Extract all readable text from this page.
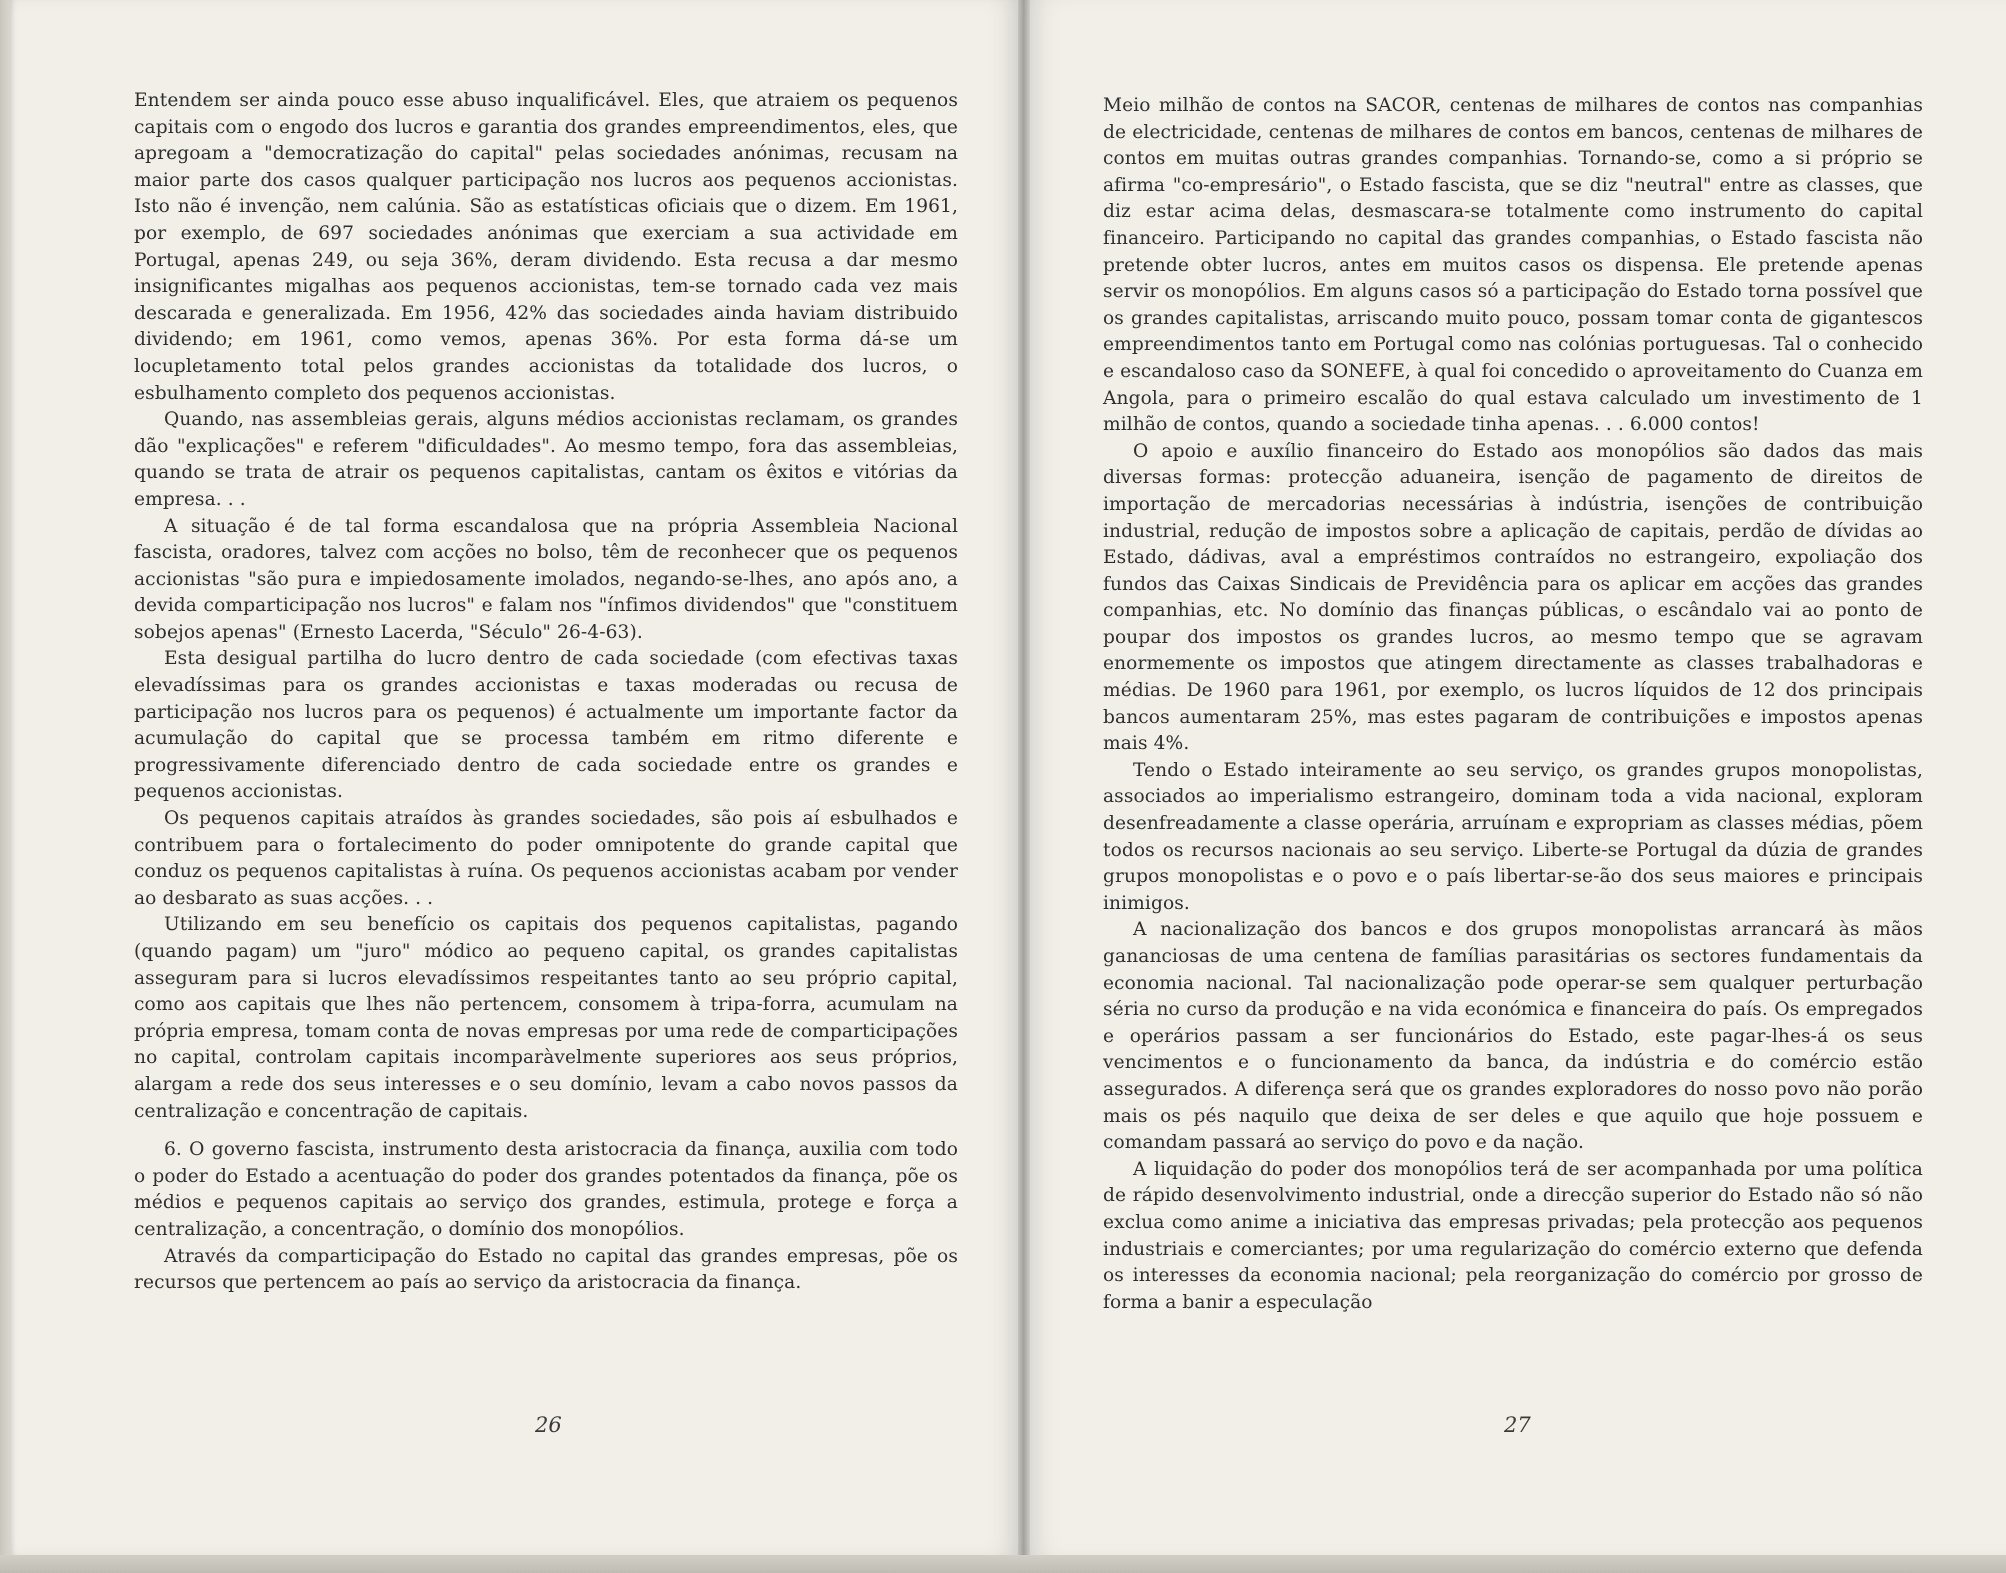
Entendem ser ainda pouco esse abuso inqualificável. Eles, que atraiem os pequenos capitais com o engodo dos lucros e garantia dos grandes empreendimentos, eles, que apregoam a "democratização do capital" pelas sociedades anónimas, recusam na maior parte dos casos qualquer participação nos lucros aos pequenos accionistas. Isto não é invenção, nem calúnia. São as estatísticas oficiais que o dizem. Em 1961, por exemplo, de 697 sociedades anónimas que exerciam a sua actividade em Portugal, apenas 249, ou seja 36%, deram dividendo. Esta recusa a dar mesmo insignificantes migalhas aos pequenos accionistas, tem-se tornado cada vez mais descarada e generalizada. Em 1956, 42% das sociedades ainda haviam distribuido dividendo; em 1961, como vemos, apenas 36%. Por esta forma dá-se um locupletamento total pelos grandes accionistas da totalidade dos lucros, o esbulhamento completo dos pequenos accionistas.

Quando, nas assembleias gerais, alguns médios accionistas reclamam, os grandes dão "explicações" e referem "dificuldades". Ao mesmo tempo, fora das assembleias, quando se trata de atrair os pequenos capitalistas, cantam os êxitos e vitórias da empresa. . .

A situação é de tal forma escandalosa que na própria Assembleia Nacional fascista, oradores, talvez com acções no bolso, têm de reconhecer que os pequenos accionistas "são pura e impiedosamente imolados, negando-se-lhes, ano após ano, a devida comparticipação nos lucros" e falam nos "ínfimos dividendos" que "constituem sobejos apenas" (Ernesto Lacerda, "Século" 26-4-63).

Esta desigual partilha do lucro dentro de cada sociedade (com efectivas taxas elevadíssimas para os grandes accionistas e taxas moderadas ou recusa de participação nos lucros para os pequenos) é actualmente um importante factor da acumulação do capital que se processa também em ritmo diferente e progressivamente diferenciado dentro de cada sociedade entre os grandes e pequenos accionistas.

Os pequenos capitais atraídos às grandes sociedades, são pois aí esbulhados e contribuem para o fortalecimento do poder omnipotente do grande capital que conduz os pequenos capitalistas à ruína. Os pequenos accionistas acabam por vender ao desbarato as suas acções. . .

Utilizando em seu benefício os capitais dos pequenos capitalistas, pagando (quando pagam) um "juro" módico ao pequeno capital, os grandes capitalistas asseguram para si lucros elevadíssimos respeitantes tanto ao seu próprio capital, como aos capitais que lhes não pertencem, consomem à tripa-forra, acumulam na própria empresa, tomam conta de novas empresas por uma rede de comparticipações no capital, controlam capitais incomparàvelmente superiores aos seus próprios, alargam a rede dos seus interesses e o seu domínio, levam a cabo novos passos da centralização e concentração de capitais.

6. O governo fascista, instrumento desta aristocracia da finança, auxilia com todo o poder do Estado a acentuação do poder dos grandes potentados da finança, põe os médios e pequenos capitais ao serviço dos grandes, estimula, protege e força a centralização, a concentração, o domínio dos monopólios.

Através da comparticipação do Estado no capital das grandes empresas, põe os recursos que pertencem ao país ao serviço da aristocracia da finança.

26

Meio milhão de contos na SACOR, centenas de milhares de contos nas companhias de electricidade, centenas de milhares de contos em bancos, centenas de milhares de contos em muitas outras grandes companhias. Tornando-se, como a si próprio se afirma "co-empresário", o Estado fascista, que se diz "neutral" entre as classes, que diz estar acima delas, desmascara-se totalmente como instrumento do capital financeiro. Participando no capital das grandes companhias, o Estado fascista não pretende obter lucros, antes em muitos casos os dispensa. Ele pretende apenas servir os monopólios. Em alguns casos só a participação do Estado torna possível que os grandes capitalistas, arriscando muito pouco, possam tomar conta de gigantescos empreendimentos tanto em Portugal como nas colónias portuguesas. Tal o conhecido e escandaloso caso da SONEFE, à qual foi concedido o aproveitamento do Cuanza em Angola, para o primeiro escalão do qual estava calculado um investimento de 1 milhão de contos, quando a sociedade tinha apenas. . . 6.000 contos!

O apoio e auxílio financeiro do Estado aos monopólios são dados das mais diversas formas: protecção aduaneira, isenção de pagamento de direitos de importação de mercadorias necessárias à indústria, isenções de contribuição industrial, redução de impostos sobre a aplicação de capitais, perdão de dívidas ao Estado, dádivas, aval a empréstimos contraídos no estrangeiro, expoliação dos fundos das Caixas Sindicais de Previdência para os aplicar em acções das grandes companhias, etc. No domínio das finanças públicas, o escândalo vai ao ponto de poupar dos impostos os grandes lucros, ao mesmo tempo que se agravam enormemente os impostos que atingem directamente as classes trabalhadoras e médias. De 1960 para 1961, por exemplo, os lucros líquidos de 12 dos principais bancos aumentaram 25%, mas estes pagaram de contribuições e impostos apenas mais 4%.

Tendo o Estado inteiramente ao seu serviço, os grandes grupos monopolistas, associados ao imperialismo estrangeiro, dominam toda a vida nacional, exploram desenfreadamente a classe operária, arruínam e expropriam as classes médias, põem todos os recursos nacionais ao seu serviço. Liberte-se Portugal da dúzia de grandes grupos monopolistas e o povo e o país libertar-se-ão dos seus maiores e principais inimigos.

A nacionalização dos bancos e dos grupos monopolistas arrancará às mãos gananciosas de uma centena de famílias parasitárias os sectores fundamentais da economia nacional. Tal nacionalização pode operar-se sem qualquer perturbação séria no curso da produção e na vida económica e financeira do país. Os empregados e operários passam a ser funcionários do Estado, este pagar-lhes-á os seus vencimentos e o funcionamento da banca, da indústria e do comércio estão assegurados. A diferença será que os grandes exploradores do nosso povo não porão mais os pés naquilo que deixa de ser deles e que aquilo que hoje possuem e comandam passará ao serviço do povo e da nação.

A liquidação do poder dos monopólios terá de ser acompanhada por uma política de rápido desenvolvimento industrial, onde a direcção superior do Estado não só não exclua como anime a iniciativa das empresas privadas; pela protecção aos pequenos industriais e comerciantes; por uma regularização do comércio externo que defenda os interesses da economia nacional; pela reorganização do comércio por grosso de forma a banir a especulação

27
